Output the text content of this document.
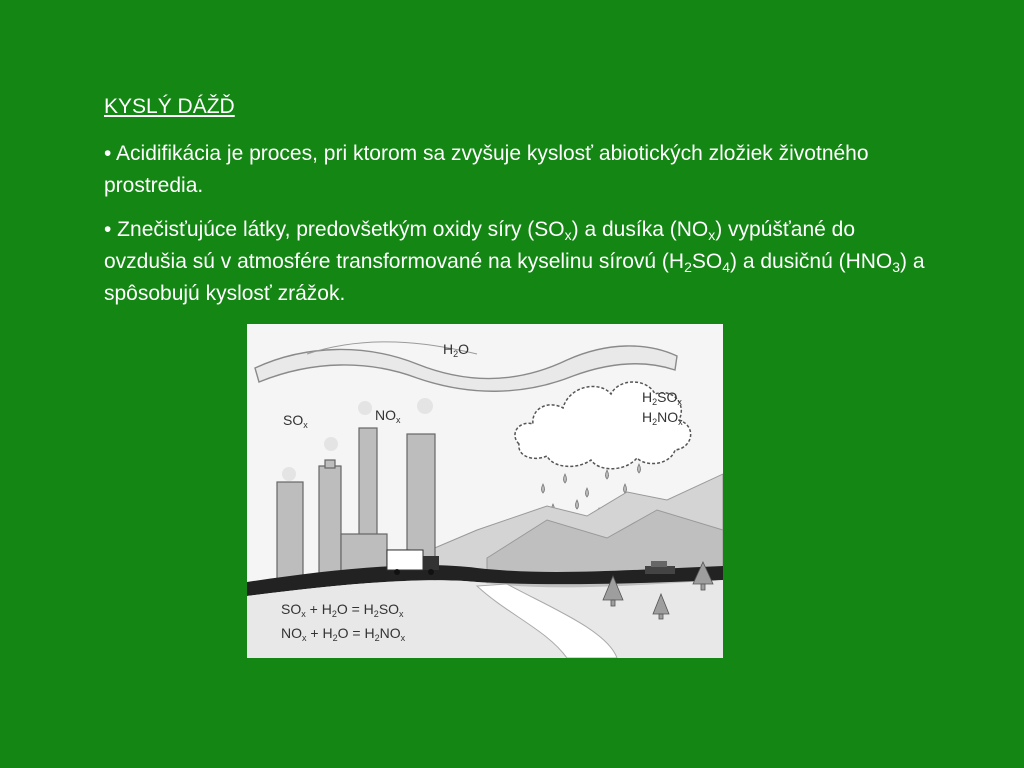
KYSLÝ DÁŽĎ
• Acidifikácia je proces, pri ktorom sa zvyšuje kyslosť abiotických zložiek životného prostredia.
• Znečisťujúce látky, predovšetkým oxidy síry $(SO_x)$ a dusíka $(NO_x)$ vypúšťané do ovzdušia sú v atmosfére transformované na kyselinu sírovú $(H_2SO_4)$ a dusičnú $(HNO_3)$ a spôsobujú kyslosť zrážok.
$H_2O$
$SO_x$
$NO_x$
$H_2SO_x$
$H_2NO_x$
$SO_x + H_2O = H_2SO_x$
$NO_x + H_2O = H_2NO_x$
